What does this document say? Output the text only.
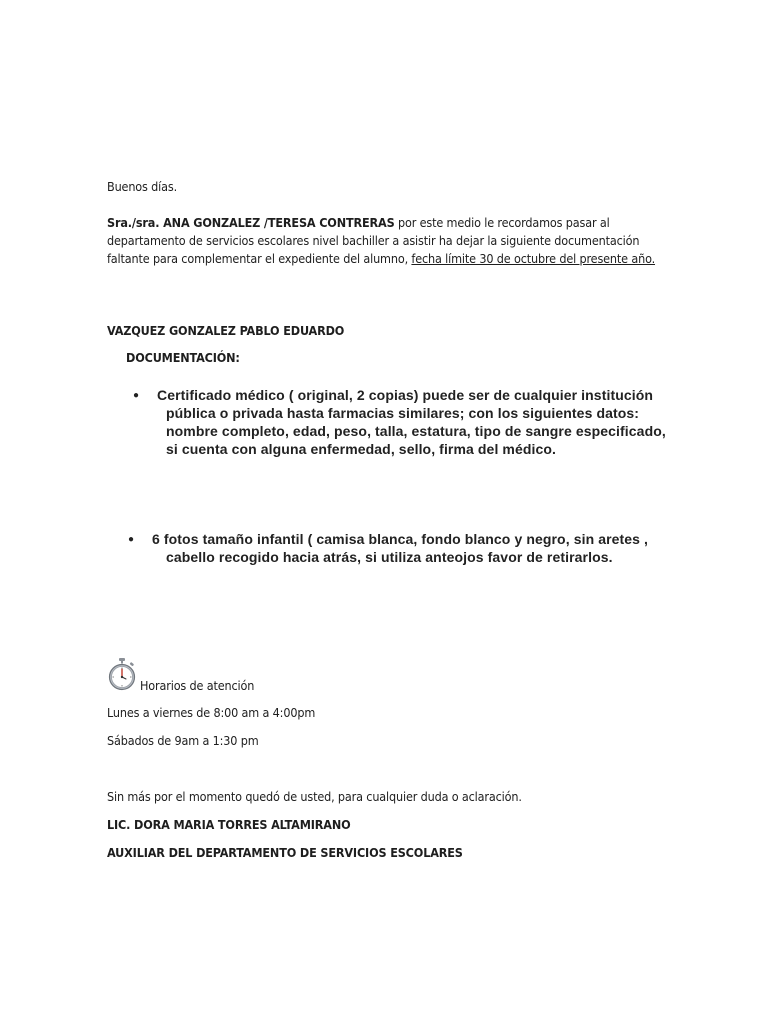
Buenos días.

Sra./sra. ANA GONZALEZ /TERESA CONTRERAS por este medio le recordamos pasar al departamento de servicios escolares nivel bachiller a asistir ha dejar la siguiente documentación faltante para complementar el expediente del alumno, fecha límite 30 de octubre del presente año.

VAZQUEZ GONZALEZ PABLO EDUARDO

DOCUMENTACIÓN:

● Certificado médico ( original, 2 copias) puede ser de cualquier institución pública o privada hasta farmacias similares; con los siguientes datos: nombre completo, edad, peso, talla, estatura, tipo de sangre especificado, si cuenta con alguna enfermedad, sello, firma del médico.
●	6 fotos tamaño infantil ( camisa blanca, fondo blanco y negro, sin aretes , cabello recogido hacia atrás, si utiliza anteojos favor de retirarlos.

Horarios de atención

Lunes a viernes de 8:00 am a 4:00pm

Sábados de 9am a 1:30 pm

Sin más por el momento quedó de usted, para cualquier duda o aclaración.

LIC. DORA MARIA TORRES ALTAMIRANO

AUXILIAR DEL DEPARTAMENTO DE SERVICIOS ESCOLARES
